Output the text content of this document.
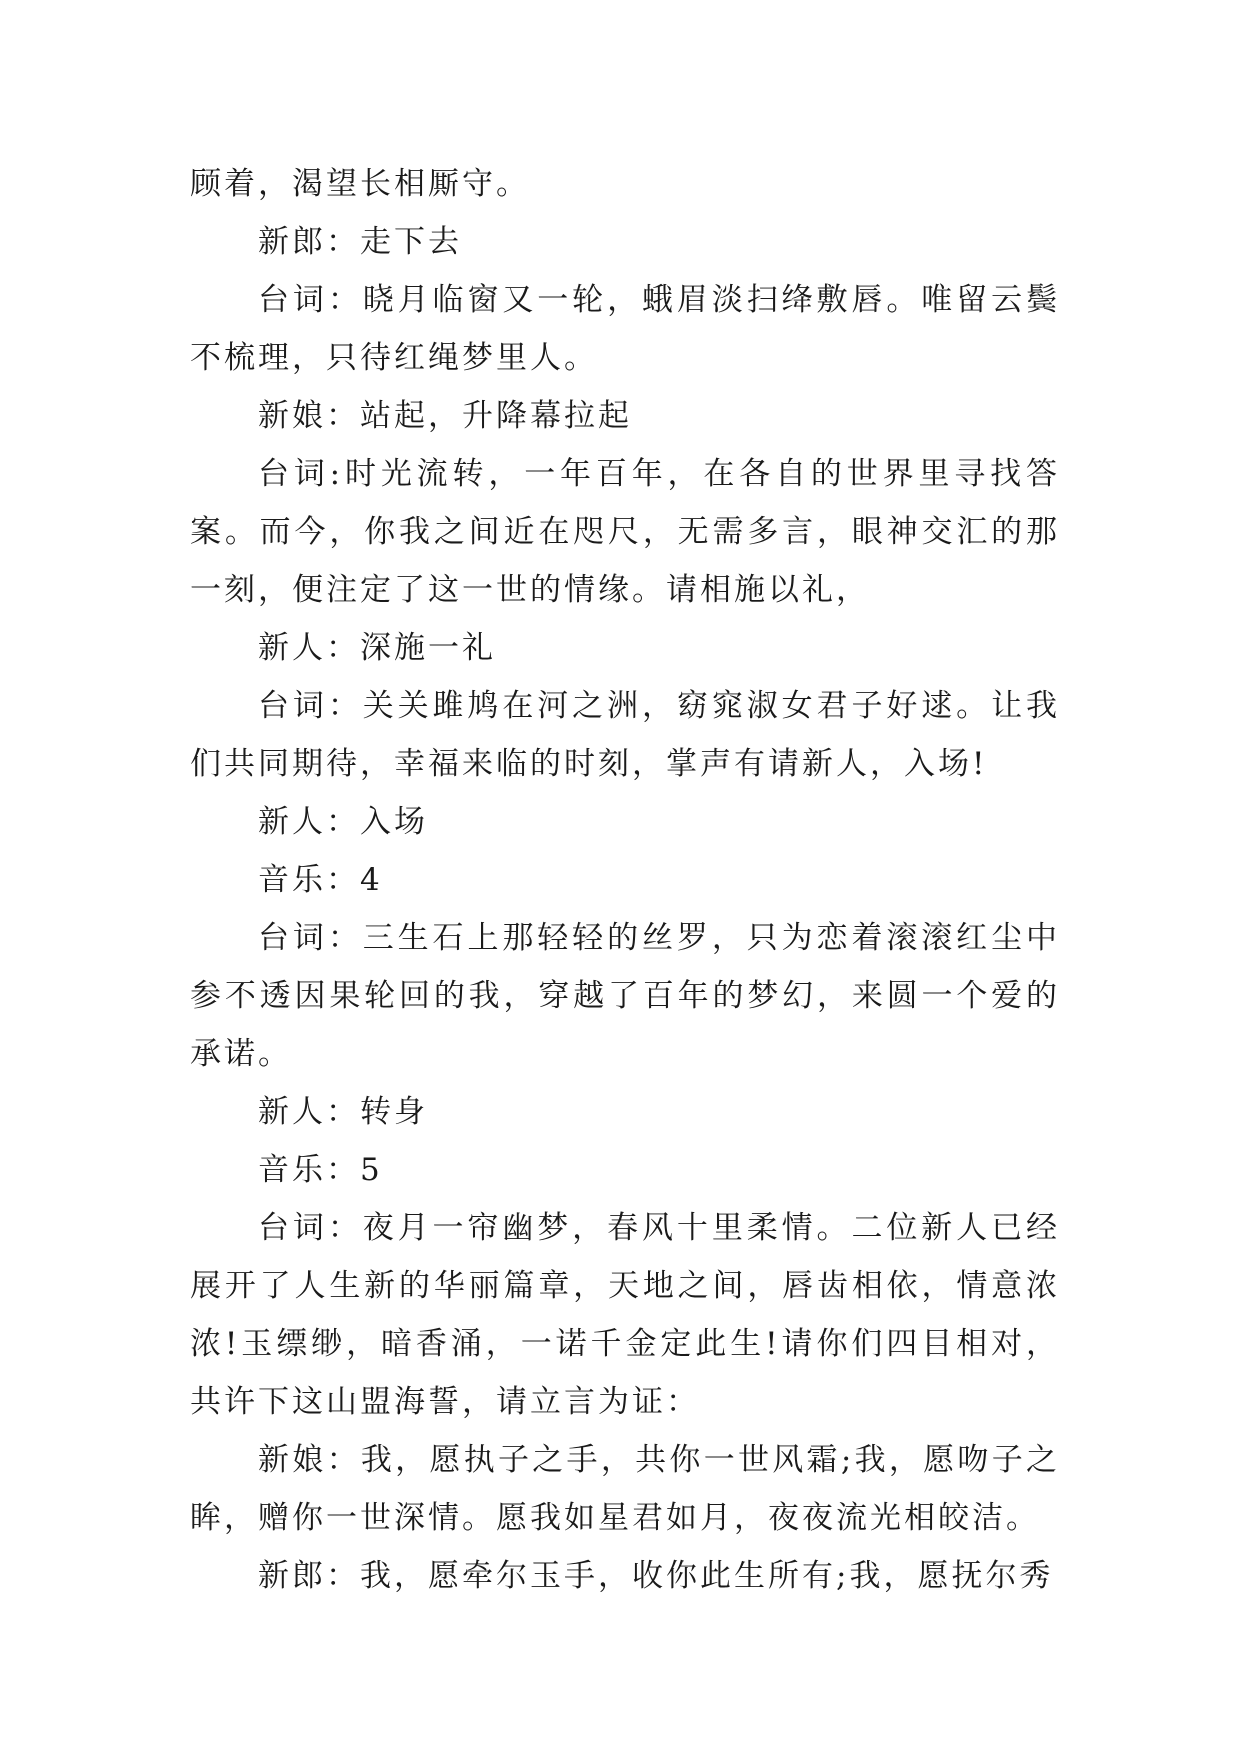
顾着，渴望长相厮守。

新郎：走下去

台词：晓月临窗又一轮，蛾眉淡扫绛敷唇。唯留云鬓不梳理，只待红绳梦里人。

新娘：站起，升降幕拉起

台词:时光流转，一年百年，在各自的世界里寻找答案。而今，你我之间近在咫尺，无需多言，眼神交汇的那一刻，便注定了这一世的情缘。请相施以礼，

新人：深施一礼

台词：关关雎鸠在河之洲，窈窕淑女君子好逑。让我们共同期待，幸福来临的时刻，掌声有请新人，入场!

新人：入场

音乐：4

台词：三生石上那轻轻的丝罗，只为恋着滚滚红尘中参不透因果轮回的我，穿越了百年的梦幻，来圆一个爱的承诺。

新人：转身

音乐：5

台词：夜月一帘幽梦，春风十里柔情。二位新人已经展开了人生新的华丽篇章，天地之间，唇齿相依，情意浓浓!玉缥缈，暗香涌，一诺千金定此生!请你们四目相对，共许下这山盟海誓，请立言为证：

新娘：我，愿执子之手，共你一世风霜;我，愿吻子之眸，赠你一世深情。愿我如星君如月，夜夜流光相皎洁。

新郎：我，愿牵尔玉手，收你此生所有;我，愿抚尔秀
